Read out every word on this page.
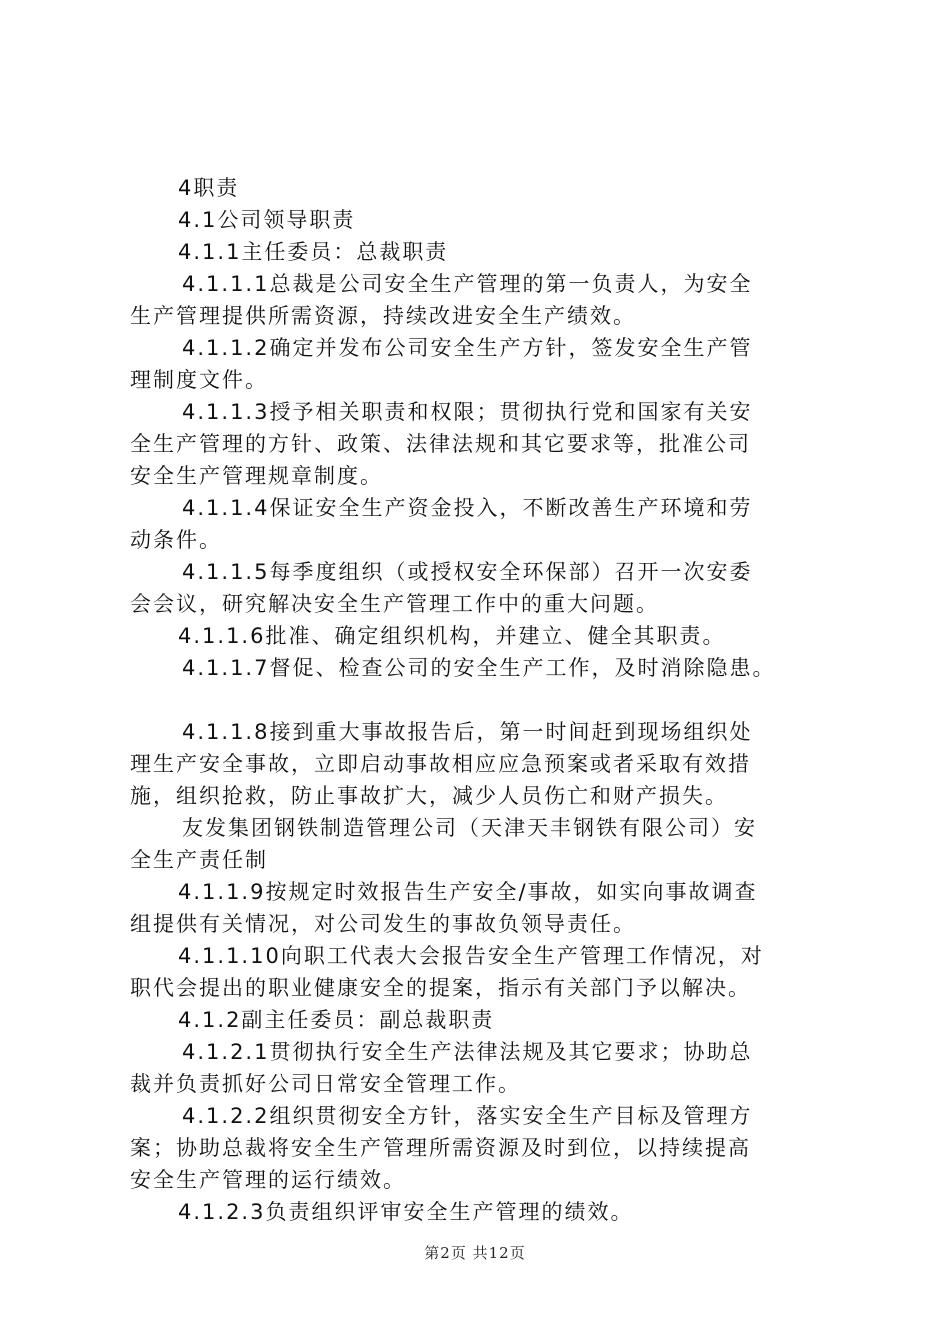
4职责

4.1公司领导职责

4.1.1主任委员：总裁职责

4.1.1.1总裁是公司安全生产管理的第一负责人，为安全

生产管理提供所需资源，持续改进安全生产绩效。

4.1.1.2确定并发布公司安全生产方针，签发安全生产管

理制度文件。

4.1.1.3授予相关职责和权限；贯彻执行党和国家有关安

全生产管理的方针、政策、法律法规和其它要求等，批准公司

安全生产管理规章制度。

4.1.1.4保证安全生产资金投入，不断改善生产环境和劳

动条件。

4.1.1.5每季度组织（或授权安全环保部）召开一次安委

会会议，研究解决安全生产管理工作中的重大问题。

4.1.1.6批准、确定组织机构，并建立、健全其职责。

4.1.1.7督促、检查公司的安全生产工作，及时消除隐患。

4.1.1.8接到重大事故报告后，第一时间赶到现场组织处

理生产安全事故，立即启动事故相应应急预案或者采取有效措

施，组织抢救，防止事故扩大，减少人员伤亡和财产损失。

友发集团钢铁制造管理公司（天津天丰钢铁有限公司）安

全生产责任制

4.1.1.9按规定时效报告生产安全/事故，如实向事故调查

组提供有关情况，对公司发生的事故负领导责任。

4.1.1.10向职工代表大会报告安全生产管理工作情况，对

职代会提出的职业健康安全的提案，指示有关部门予以解决。

4.1.2副主任委员：副总裁职责

4.1.2.1贯彻执行安全生产法律法规及其它要求；协助总

裁并负责抓好公司日常安全管理工作。

4.1.2.2组织贯彻安全方针，落实安全生产目标及管理方

案；协助总裁将安全生产管理所需资源及时到位，以持续提高

安全生产管理的运行绩效。

4.1.2.3负责组织评审安全生产管理的绩效。

第2页 共12页
